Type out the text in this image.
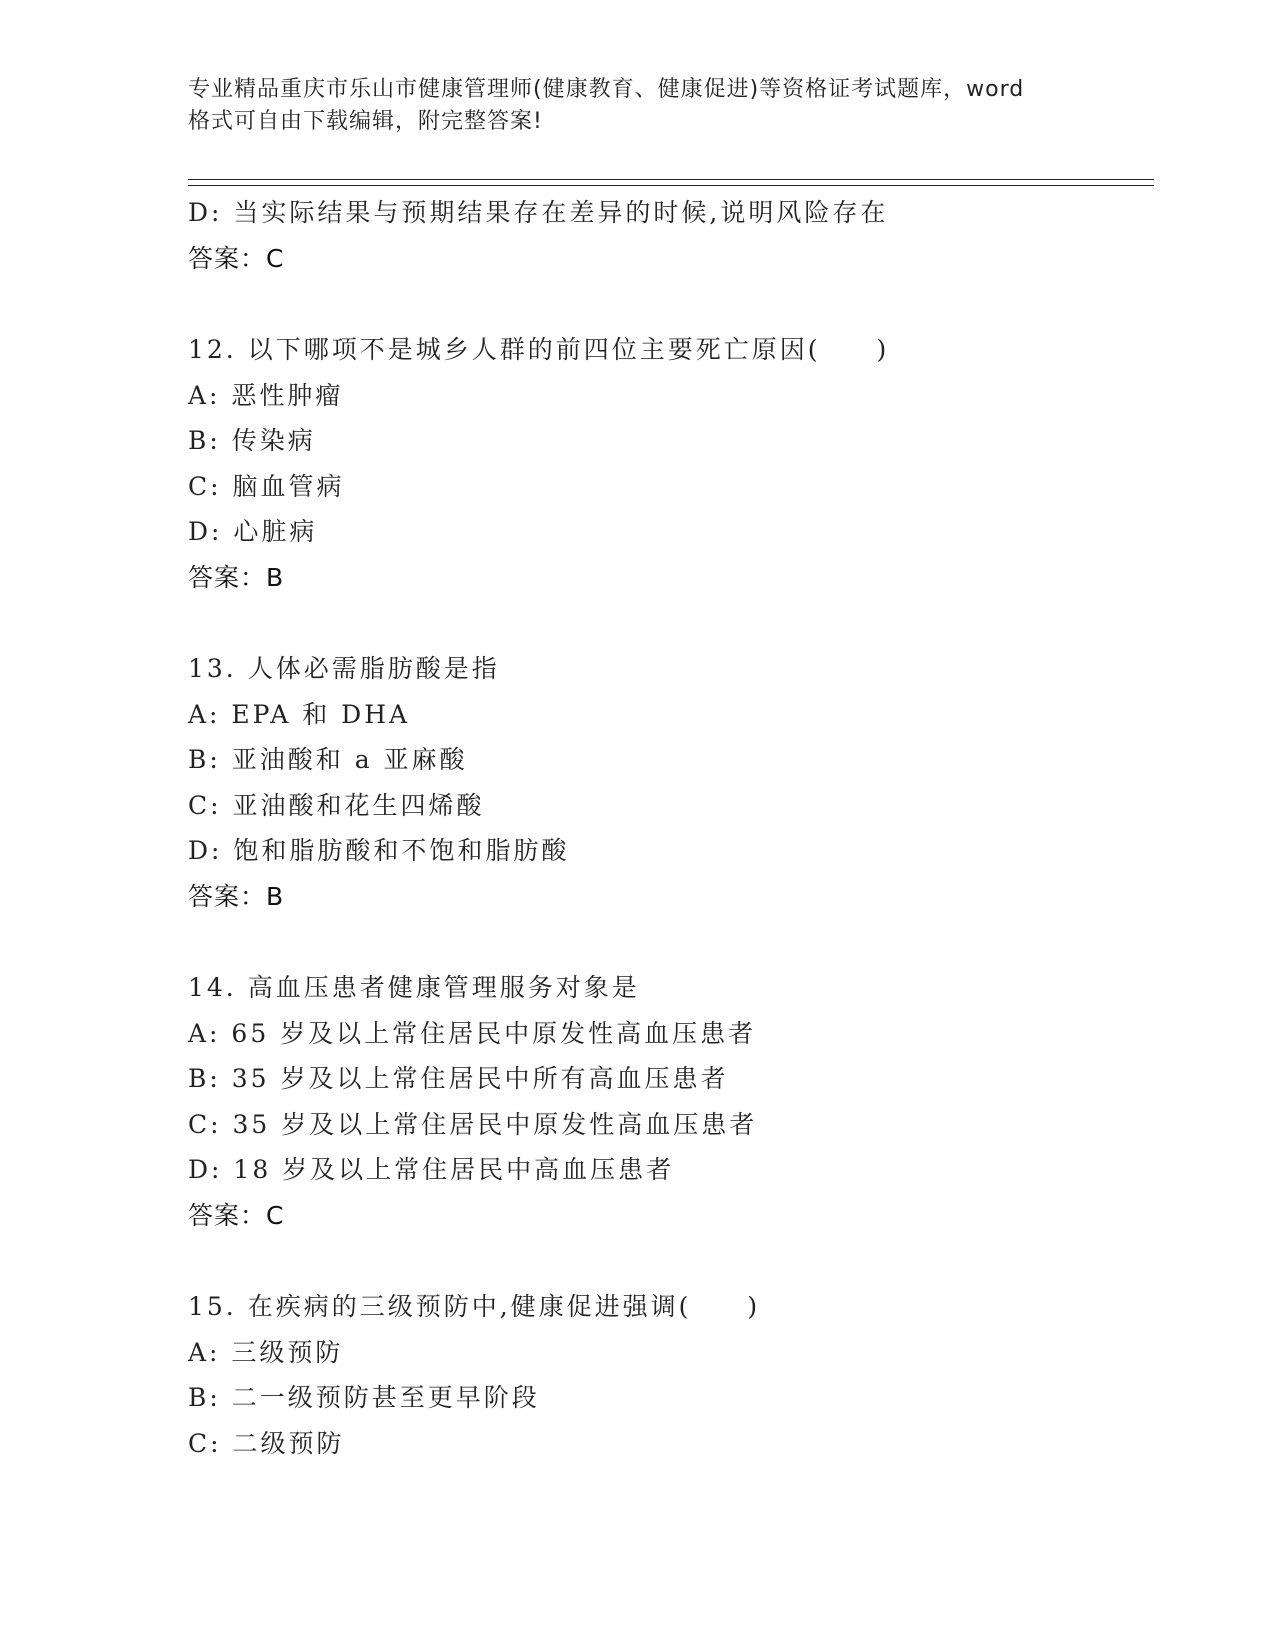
专业精品重庆市乐山市健康管理师(健康教育、健康促进)等资格证考试题库，word
格式可自由下载编辑，附完整答案!
D: 当实际结果与预期结果存在差异的时候,说明风险存在
答案：C
12. 以下哪项不是城乡人群的前四位主要死亡原因(　　)
A: 恶性肿瘤
B: 传染病
C: 脑血管病
D: 心脏病
答案：B
13. 人体必需脂肪酸是指
A: EPA 和 DHA
B: 亚油酸和 a 亚麻酸
C: 亚油酸和花生四烯酸
D: 饱和脂肪酸和不饱和脂肪酸
答案：B
14. 高血压患者健康管理服务对象是
A: 65 岁及以上常住居民中原发性高血压患者
B: 35 岁及以上常住居民中所有高血压患者
C: 35 岁及以上常住居民中原发性高血压患者
D: 18 岁及以上常住居民中高血压患者
答案：C
15. 在疾病的三级预防中,健康促进强调(　　)
A: 三级预防
B: 二一级预防甚至更早阶段
C: 二级预防
